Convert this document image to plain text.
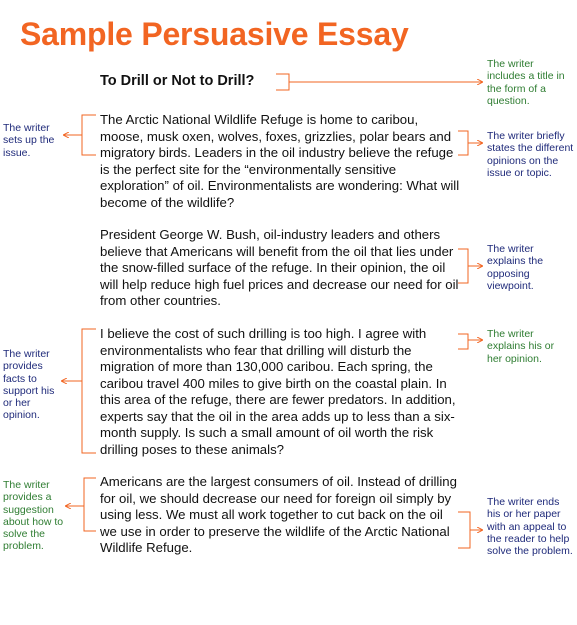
Sample Persuasive Essay
To Drill or Not to Drill?
The Arctic National Wildlife Refuge is home to caribou, moose, musk oxen, wolves, foxes, grizzlies, polar bears and migratory birds. Leaders in the oil industry believe the refuge is the perfect site for the “environmentally sensitive exploration” of oil. Environmentalists are wondering: What will become of the wildlife?
President George W. Bush, oil-industry leaders and others believe that Americans will benefit from the oil that lies under the snow-filled surface of the refuge. In their opinion, the oil will help reduce high fuel prices and decrease our need for oil from other countries.
I believe the cost of such drilling is too high. I agree with environmentalists who fear that drilling will disturb the migration of more than 130,000 caribou. Each spring, the caribou travel 400 miles to give birth on the coastal plain. In this area of the refuge, there are fewer predators. In addition, experts say that the oil in the area adds up to less than a six-month supply. Is such a small amount of oil worth the risk drilling poses to these animals?
Americans are the largest consumers of oil. Instead of drilling for oil, we should decrease our need for foreign oil simply by using less. We must all work together to cut back on the oil we use in order to preserve the wildlife of the Arctic National Wildlife Refuge.
The writer includes a title in the form of a question.
The writer sets up the issue.
The writer briefly states the different opinions on the issue or topic.
The writer explains the opposing viewpoint.
The writer explains his or her opinion.
The writer provides facts to support his or her opinion.
The writer provides a suggestion about how to solve the problem.
The writer ends his or her paper with an appeal to the reader to help solve the problem.
